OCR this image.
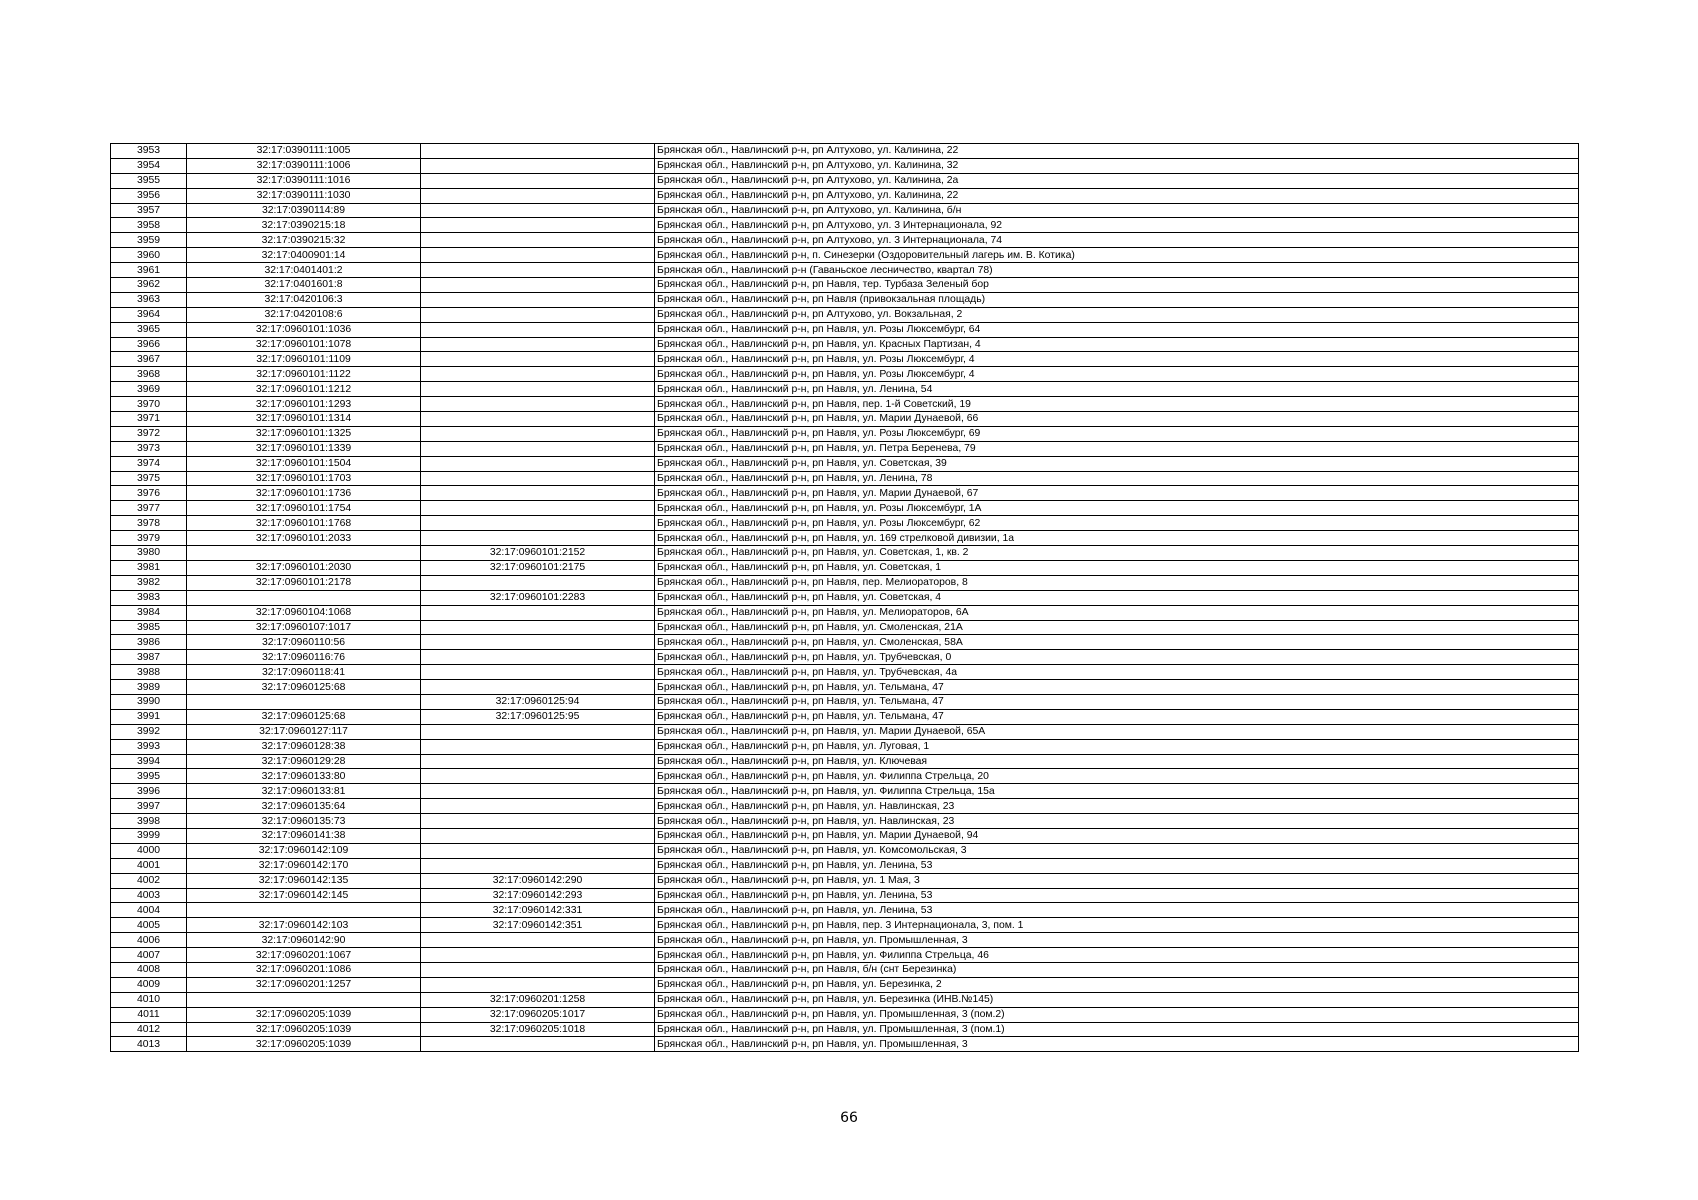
3953	32:17:0390111:1005		Брянская обл., Навлинский р-н, рп Алтухово, ул. Калинина, 22
3954	32:17:0390111:1006		Брянская обл., Навлинский р-н, рп Алтухово, ул. Калинина, 32
3955	32:17:0390111:1016		Брянская обл., Навлинский р-н, рп Алтухово, ул. Калинина, 2а
3956	32:17:0390111:1030		Брянская обл., Навлинский р-н, рп Алтухово, ул. Калинина, 22
3957	32:17:0390114:89		Брянская обл., Навлинский р-н, рп Алтухово, ул. Калинина, б/н
3958	32:17:0390215:18		Брянская обл., Навлинский р-н, рп Алтухово, ул. 3 Интернационала, 92
3959	32:17:0390215:32		Брянская обл., Навлинский р-н, рп Алтухово, ул. 3 Интернационала, 74
3960	32:17:0400901:14		Брянская обл., Навлинский р-н, п. Синезерки (Оздоровительный лагерь им. В. Котика)
3961	32:17:0401401:2		Брянская обл., Навлинский р-н (Гаваньское лесничество, квартал 78)
3962	32:17:0401601:8		Брянская обл., Навлинский р-н, рп Навля, тер. Турбаза Зеленый бор
3963	32:17:0420106:3		Брянская обл., Навлинский р-н, рп Навля (привокзальная площадь)
3964	32:17:0420108:6		Брянская обл., Навлинский р-н, рп Алтухово, ул. Вокзальная, 2
3965	32:17:0960101:1036		Брянская обл., Навлинский р-н, рп Навля, ул. Розы Люксембург, 64
3966	32:17:0960101:1078		Брянская обл., Навлинский р-н, рп Навля, ул. Красных Партизан, 4
3967	32:17:0960101:1109		Брянская обл., Навлинский р-н, рп Навля, ул. Розы Люксембург, 4
3968	32:17:0960101:1122		Брянская обл., Навлинский р-н, рп Навля, ул. Розы Люксембург, 4
3969	32:17:0960101:1212		Брянская обл., Навлинский р-н, рп Навля, ул. Ленина, 54
3970	32:17:0960101:1293		Брянская обл., Навлинский р-н, рп Навля, пер. 1-й Советский, 19
3971	32:17:0960101:1314		Брянская обл., Навлинский р-н, рп Навля, ул. Марии Дунаевой, 66
3972	32:17:0960101:1325		Брянская обл., Навлинский р-н, рп Навля, ул. Розы Люксембург, 69
3973	32:17:0960101:1339		Брянская обл., Навлинский р-н, рп Навля, ул. Петра Беренева, 79
3974	32:17:0960101:1504		Брянская обл., Навлинский р-н, рп Навля, ул. Советская, 39
3975	32:17:0960101:1703		Брянская обл., Навлинский р-н, рп Навля, ул. Ленина, 78
3976	32:17:0960101:1736		Брянская обл., Навлинский р-н, рп Навля, ул. Марии Дунаевой, 67
3977	32:17:0960101:1754		Брянская обл., Навлинский р-н, рп Навля, ул. Розы Люксембург, 1А
3978	32:17:0960101:1768		Брянская обл., Навлинский р-н, рп Навля, ул. Розы Люксембург, 62
3979	32:17:0960101:2033		Брянская обл., Навлинский р-н, рп Навля, ул. 169 стрелковой дивизии, 1а
3980		32:17:0960101:2152	Брянская обл., Навлинский р-н, рп Навля, ул. Советская, 1, кв. 2
3981	32:17:0960101:2030	32:17:0960101:2175	Брянская обл., Навлинский р-н, рп Навля, ул. Советская, 1
3982	32:17:0960101:2178		Брянская обл., Навлинский р-н, рп Навля, пер. Мелиораторов, 8
3983		32:17:0960101:2283	Брянская обл., Навлинский р-н, рп Навля, ул. Советская, 4
3984	32:17:0960104:1068		Брянская обл., Навлинский р-н, рп Навля, ул. Мелиораторов, 6А
3985	32:17:0960107:1017		Брянская обл., Навлинский р-н, рп Навля, ул. Смоленская, 21А
3986	32:17:0960110:56		Брянская обл., Навлинский р-н, рп Навля, ул. Смоленская, 58А
3987	32:17:0960116:76		Брянская обл., Навлинский р-н, рп Навля, ул. Трубчевская, 0
3988	32:17:0960118:41		Брянская обл., Навлинский р-н, рп Навля, ул. Трубчевская, 4а
3989	32:17:0960125:68		Брянская обл., Навлинский р-н, рп Навля, ул. Тельмана, 47
3990		32:17:0960125:94	Брянская обл., Навлинский р-н, рп Навля, ул. Тельмана, 47
3991	32:17:0960125:68	32:17:0960125:95	Брянская обл., Навлинский р-н, рп Навля, ул. Тельмана, 47
3992	32:17:0960127:117		Брянская обл., Навлинский р-н, рп Навля, ул. Марии Дунаевой, 65А
3993	32:17:0960128:38		Брянская обл., Навлинский р-н, рп Навля, ул. Луговая, 1
3994	32:17:0960129:28		Брянская обл., Навлинский р-н, рп Навля, ул. Ключевая
3995	32:17:0960133:80		Брянская обл., Навлинский р-н, рп Навля, ул. Филиппа Стрельца, 20
3996	32:17:0960133:81		Брянская обл., Навлинский р-н, рп Навля, ул. Филиппа Стрельца, 15а
3997	32:17:0960135:64		Брянская обл., Навлинский р-н, рп Навля, ул. Навлинская, 23
3998	32:17:0960135:73		Брянская обл., Навлинский р-н, рп Навля, ул. Навлинская, 23
3999	32:17:0960141:38		Брянская обл., Навлинский р-н, рп Навля, ул. Марии Дунаевой, 94
4000	32:17:0960142:109		Брянская обл., Навлинский р-н, рп Навля, ул. Комсомольская, 3
4001	32:17:0960142:170		Брянская обл., Навлинский р-н, рп Навля, ул. Ленина, 53
4002	32:17:0960142:135	32:17:0960142:290	Брянская обл., Навлинский р-н, рп Навля, ул. 1 Мая, 3
4003	32:17:0960142:145	32:17:0960142:293	Брянская обл., Навлинский р-н, рп Навля, ул. Ленина, 53
4004		32:17:0960142:331	Брянская обл., Навлинский р-н, рп Навля, ул. Ленина, 53
4005	32:17:0960142:103	32:17:0960142:351	Брянская обл., Навлинский р-н, рп Навля, пер. 3 Интернационала, 3, пом. 1
4006	32:17:0960142:90		Брянская обл., Навлинский р-н, рп Навля, ул. Промышленная, 3
4007	32:17:0960201:1067		Брянская обл., Навлинский р-н, рп Навля, ул. Филиппа Стрельца, 46
4008	32:17:0960201:1086		Брянская обл., Навлинский р-н, рп Навля, б/н (снт Березинка)
4009	32:17:0960201:1257		Брянская обл., Навлинский р-н, рп Навля, ул. Березинка, 2
4010		32:17:0960201:1258	Брянская обл., Навлинский р-н, рп Навля, ул. Березинка (ИНВ.№145)
4011	32:17:0960205:1039	32:17:0960205:1017	Брянская обл., Навлинский р-н, рп Навля, ул. Промышленная, 3 (пом.2)
4012	32:17:0960205:1039	32:17:0960205:1018	Брянская обл., Навлинский р-н, рп Навля, ул. Промышленная, 3 (пом.1)
4013	32:17:0960205:1039		Брянская обл., Навлинский р-н, рп Навля, ул. Промышленная, 3
66
